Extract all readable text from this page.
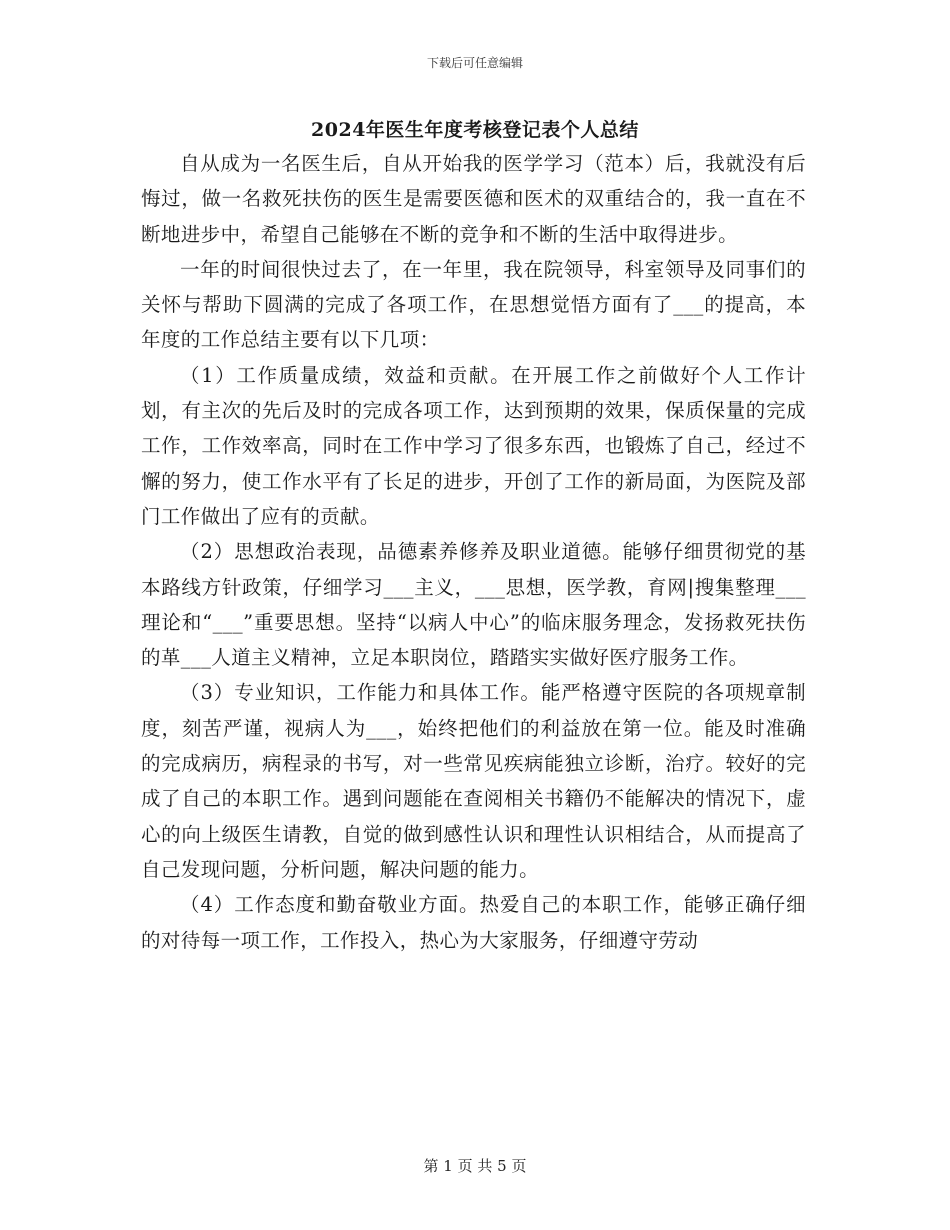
下载后可任意编辑
2024年医生年度考核登记表个人总结

自从成为一名医生后，自从开始我的医学学习（范本）后，我就没有后悔过，做一名救死扶伤的医生是需要医德和医术的双重结合的，我一直在不断地进步中，希望自己能够在不断的竞争和不断的生活中取得进步。

一年的时间很快过去了，在一年里，我在院领导，科室领导及同事们的关怀与帮助下圆满的完成了各项工作，在思想觉悟方面有了___的提高，本年度的工作总结主要有以下几项：

（1）工作质量成绩，效益和贡献。在开展工作之前做好个人工作计划，有主次的先后及时的完成各项工作，达到预期的效果，保质保量的完成工作，工作效率高，同时在工作中学习了很多东西，也锻炼了自己，经过不懈的努力，使工作水平有了长足的进步，开创了工作的新局面，为医院及部门工作做出了应有的贡献。

（2）思想政治表现，品德素养修养及职业道德。能够仔细贯彻党的基本路线方针政策，仔细学习___主义，___思想，医学教，育网|搜集整理___理论和“___”重要思想。坚持“以病人中心”的临床服务理念，发扬救死扶伤的革___人道主义精神，立足本职岗位，踏踏实实做好医疗服务工作。

（3）专业知识，工作能力和具体工作。能严格遵守医院的各项规章制度，刻苦严谨，视病人为___，始终把他们的利益放在第一位。能及时准确的完成病历，病程录的书写，对一些常见疾病能独立诊断，治疗。较好的完成了自己的本职工作。遇到问题能在查阅相关书籍仍不能解决的情况下，虚心的向上级医生请教，自觉的做到感性认识和理性认识相结合，从而提高了自己发现问题，分析问题，解决问题的能力。

（4）工作态度和勤奋敬业方面。热爱自己的本职工作，能够正确仔细的对待每一项工作，工作投入，热心为大家服务，仔细遵守劳动

第 1 页 共 5 页
